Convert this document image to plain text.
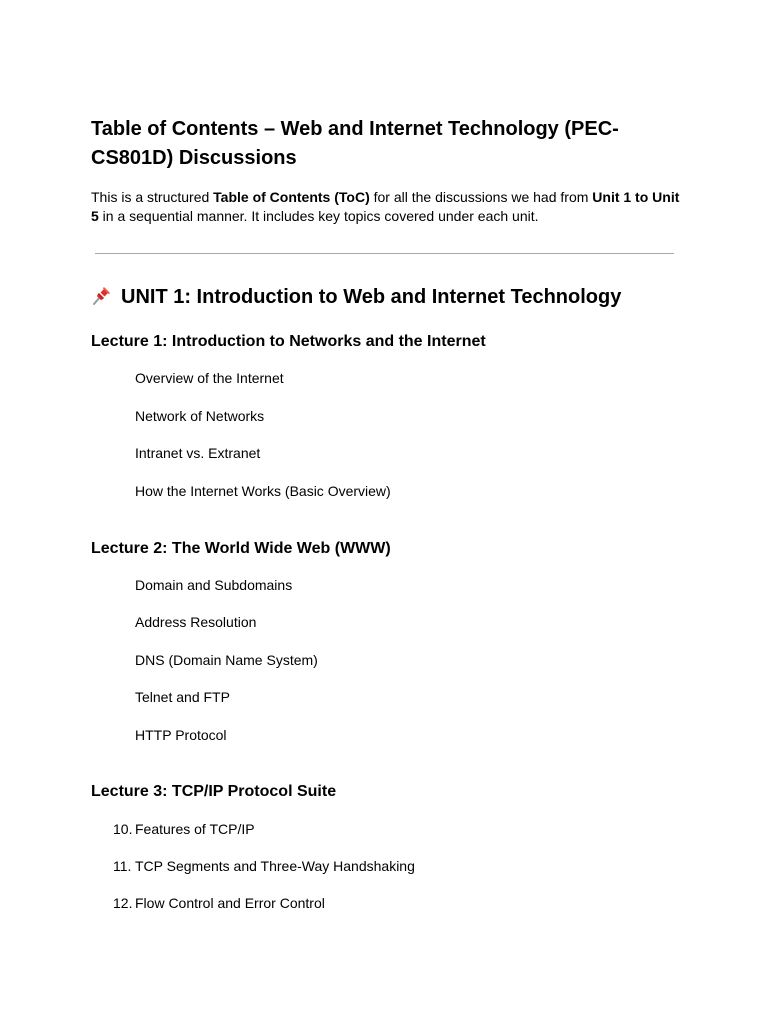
Table of Contents – Web and Internet Technology (PEC-CS801D) Discussions

This is a structured Table of Contents (ToC) for all the discussions we had from Unit 1 to Unit 5 in a sequential manner. It includes key topics covered under each unit.

UNIT 1: Introduction to Web and Internet Technology
Lecture 1: Introduction to Networks and the Internet
Overview of the Internet
Network of Networks
Intranet vs. Extranet
How the Internet Works (Basic Overview)
Lecture 2: The World Wide Web (WWW)
Domain and Subdomains
Address Resolution
DNS (Domain Name System)
Telnet and FTP
HTTP Protocol
Lecture 3: TCP/IP Protocol Suite
10. Features of TCP/IP
11. TCP Segments and Three-Way Handshaking
12. Flow Control and Error Control
